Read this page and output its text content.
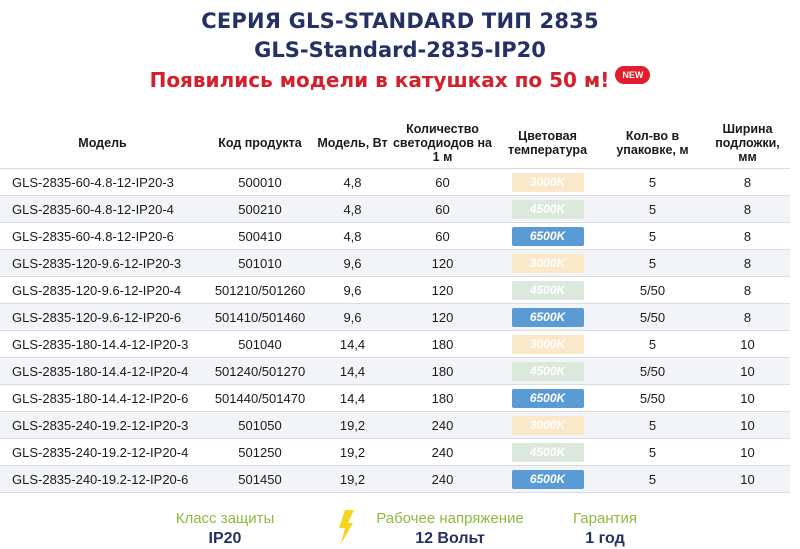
СЕРИЯ GLS-STANDARD ТИП 2835
GLS-Standard-2835-IP20
Появились модели в катушках по 50 м! NEW
Модель	Код продукта	Модель, Вт	Количество светодиодов на 1 м	Цветовая температура	Кол-во в упаковке, м	Ширина подложки, мм
GLS-2835-60-4.8-12-IP20-3	500010	4,8	60	3000K	5	8
GLS-2835-60-4.8-12-IP20-4	500210	4,8	60	4500K	5	8
GLS-2835-60-4.8-12-IP20-6	500410	4,8	60	6500K	5	8
GLS-2835-120-9.6-12-IP20-3	501010	9,6	120	3000K	5	8
GLS-2835-120-9.6-12-IP20-4	501210/501260	9,6	120	4500K	5/50	8
GLS-2835-120-9.6-12-IP20-6	501410/501460	9,6	120	6500K	5/50	8
GLS-2835-180-14.4-12-IP20-3	501040	14,4	180	3000K	5	10
GLS-2835-180-14.4-12-IP20-4	501240/501270	14,4	180	4500K	5/50	10
GLS-2835-180-14.4-12-IP20-6	501440/501470	14,4	180	6500K	5/50	10
GLS-2835-240-19.2-12-IP20-3	501050	19,2	240	3000K	5	10
GLS-2835-240-19.2-12-IP20-4	501250	19,2	240	4500K	5	10
GLS-2835-240-19.2-12-IP20-6	501450	19,2	240	6500K	5	10
Класс защиты
IP20
Рабочее напряжение
12 Вольт
Гарантия
1 год
